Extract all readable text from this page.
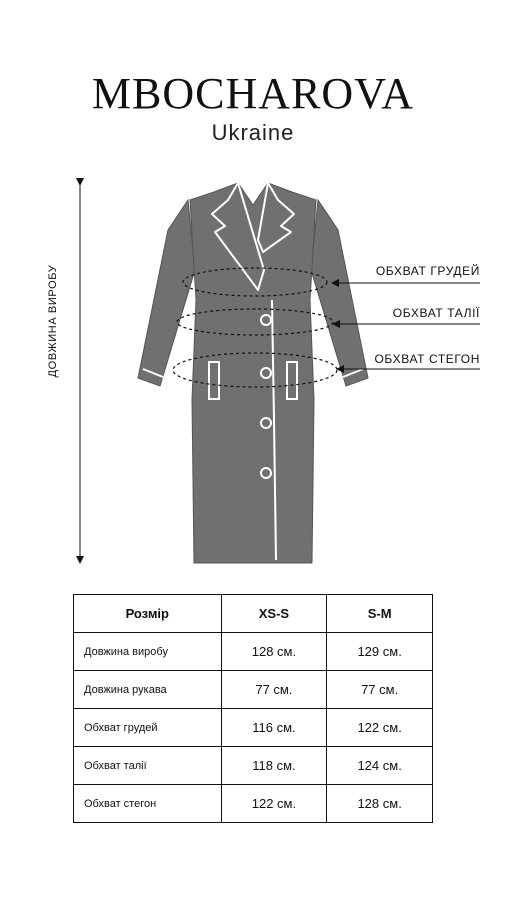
MBOCHAROVA
Ukraine
ДОВЖИНА ВИРОБУ	ОБХВАТ ГРУДЕЙ
ОБХВАТ ТАЛІЇ
ОБХВАТ СТЕГОН
Розмір	XS-S	S-M
Довжина виробу	128 см.	129 см.
Довжина рукава	77 см.	77 см.
Обхват грудей	116 см.	122 см.
Обхват талії	118 см.	124 см.
Обхват стегон	122 см.	128 см.
